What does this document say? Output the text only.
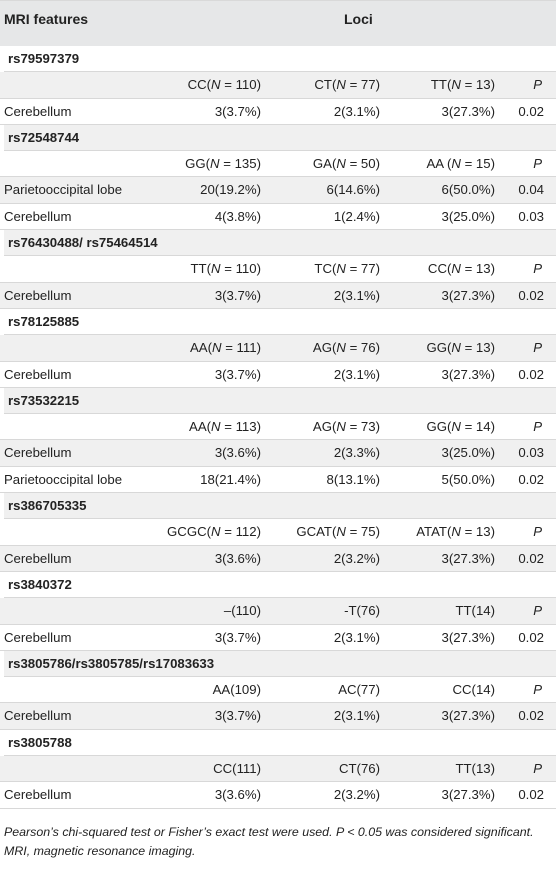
MRI features	Loci
rs79597379
CC(N = 110)	CT(N = 77)	TT(N = 13)	P
Cerebellum	3(3.7%)	2(3.1%)	3(27.3%) 0.02
rs72548744
GG(N = 135)	GA(N = 50)	AA (N = 15)	P
Parietooccipital lobe	20(19.2%)	6(14.6%)	6(50.0%) 0.04
Cerebellum	4(3.8%)	1(2.4%)	3(25.0%) 0.03
rs76430488/ rs75464514
TT(N = 110)	TC(N = 77)	CC(N = 13)	P
Cerebellum	3(3.7%)	2(3.1%)	3(27.3%) 0.02
rs78125885
AA(N = 111)	AG(N = 76)	GG(N = 13)	P
Cerebellum	3(3.7%)	2(3.1%)	3(27.3%) 0.02
rs73532215
AA(N = 113)	AG(N = 73)	GG(N = 14)	P
Cerebellum	3(3.6%)	2(3.3%)	3(25.0%) 0.03
Parietooccipital lobe	18(21.4%)	8(13.1%)	5(50.0%) 0.02
rs386705335
GCGC(N = 112)	GCAT(N = 75)	ATAT(N = 13)	P
Cerebellum	3(3.6%)	2(3.2%)	3(27.3%) 0.02
rs3840372
–(110)	-T(76)	TT(14)	P
Cerebellum	3(3.7%)	2(3.1%)	3(27.3%) 0.02
rs3805786/rs3805785/rs17083633
AA(109)	AC(77)	CC(14)	P
Cerebellum	3(3.7%)	2(3.1%)	3(27.3%) 0.02
rs3805788
CC(111)	CT(76)	TT(13)	P
Cerebellum	3(3.6%)	2(3.2%)	3(27.3%) 0.02
Pearson’s chi-squared test or Fisher’s exact test were used. P < 0.05 was considered significant.
MRI, magnetic resonance imaging.
